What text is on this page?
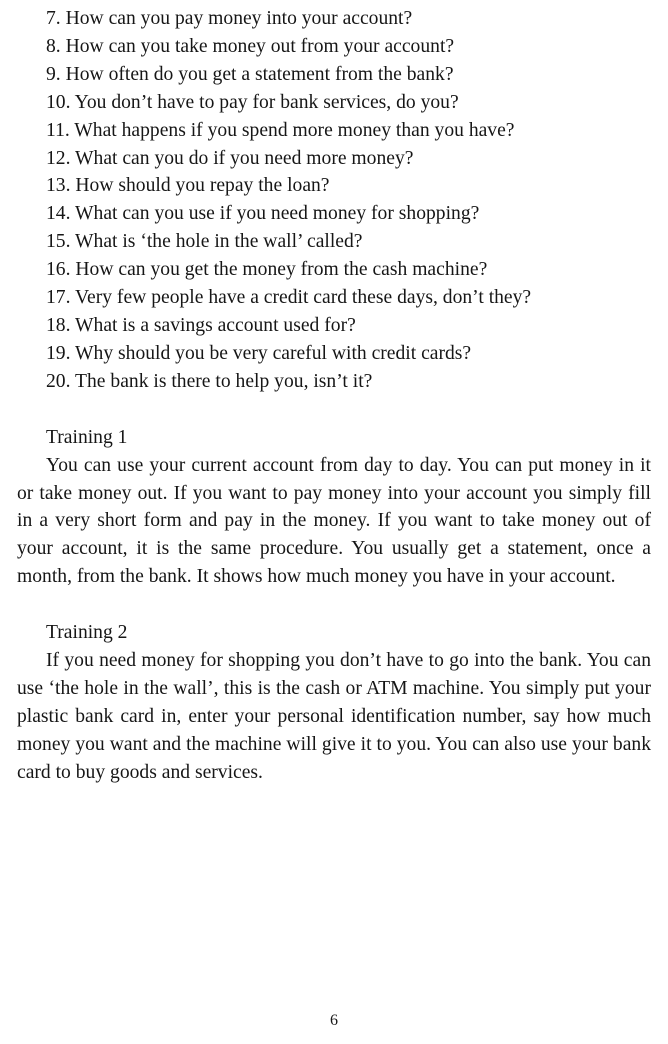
7. How can you pay money into your account?
8. How can you take money out from your account?
9. How often do you get a statement from the bank?
10. You don’t have to pay for bank services, do you?
11. What happens if you spend more money than you have?
12. What can you do if you need more money?
13. How should you repay the loan?
14. What can you use if you need money for shopping?
15. What is ‘the hole in the wall’ called?
16. How can you get the money from the cash machine?
17. Very few people have a credit card these days, don’t they?
18. What is a savings account used for?
19. Why should you be very careful with credit cards?
20. The bank is there to help you, isn’t it?
Training 1

You can use your current account from day to day. You can put money in it or take money out. If you want to pay money into your account you simply fill in a very short form and pay in the money. If you want to take money out of your account, it is the same procedure. You usually get a statement, once a month, from the bank. It shows how much money you have in your account.

Training 2

If you need money for shopping you don’t have to go into the bank. You can use ‘the hole in the wall’, this is the cash or ATM machine. You simply put your plastic bank card in, enter your personal identification number, say how much money you want and the machine will give it to you. You can also use your bank card to buy goods and services.

6
